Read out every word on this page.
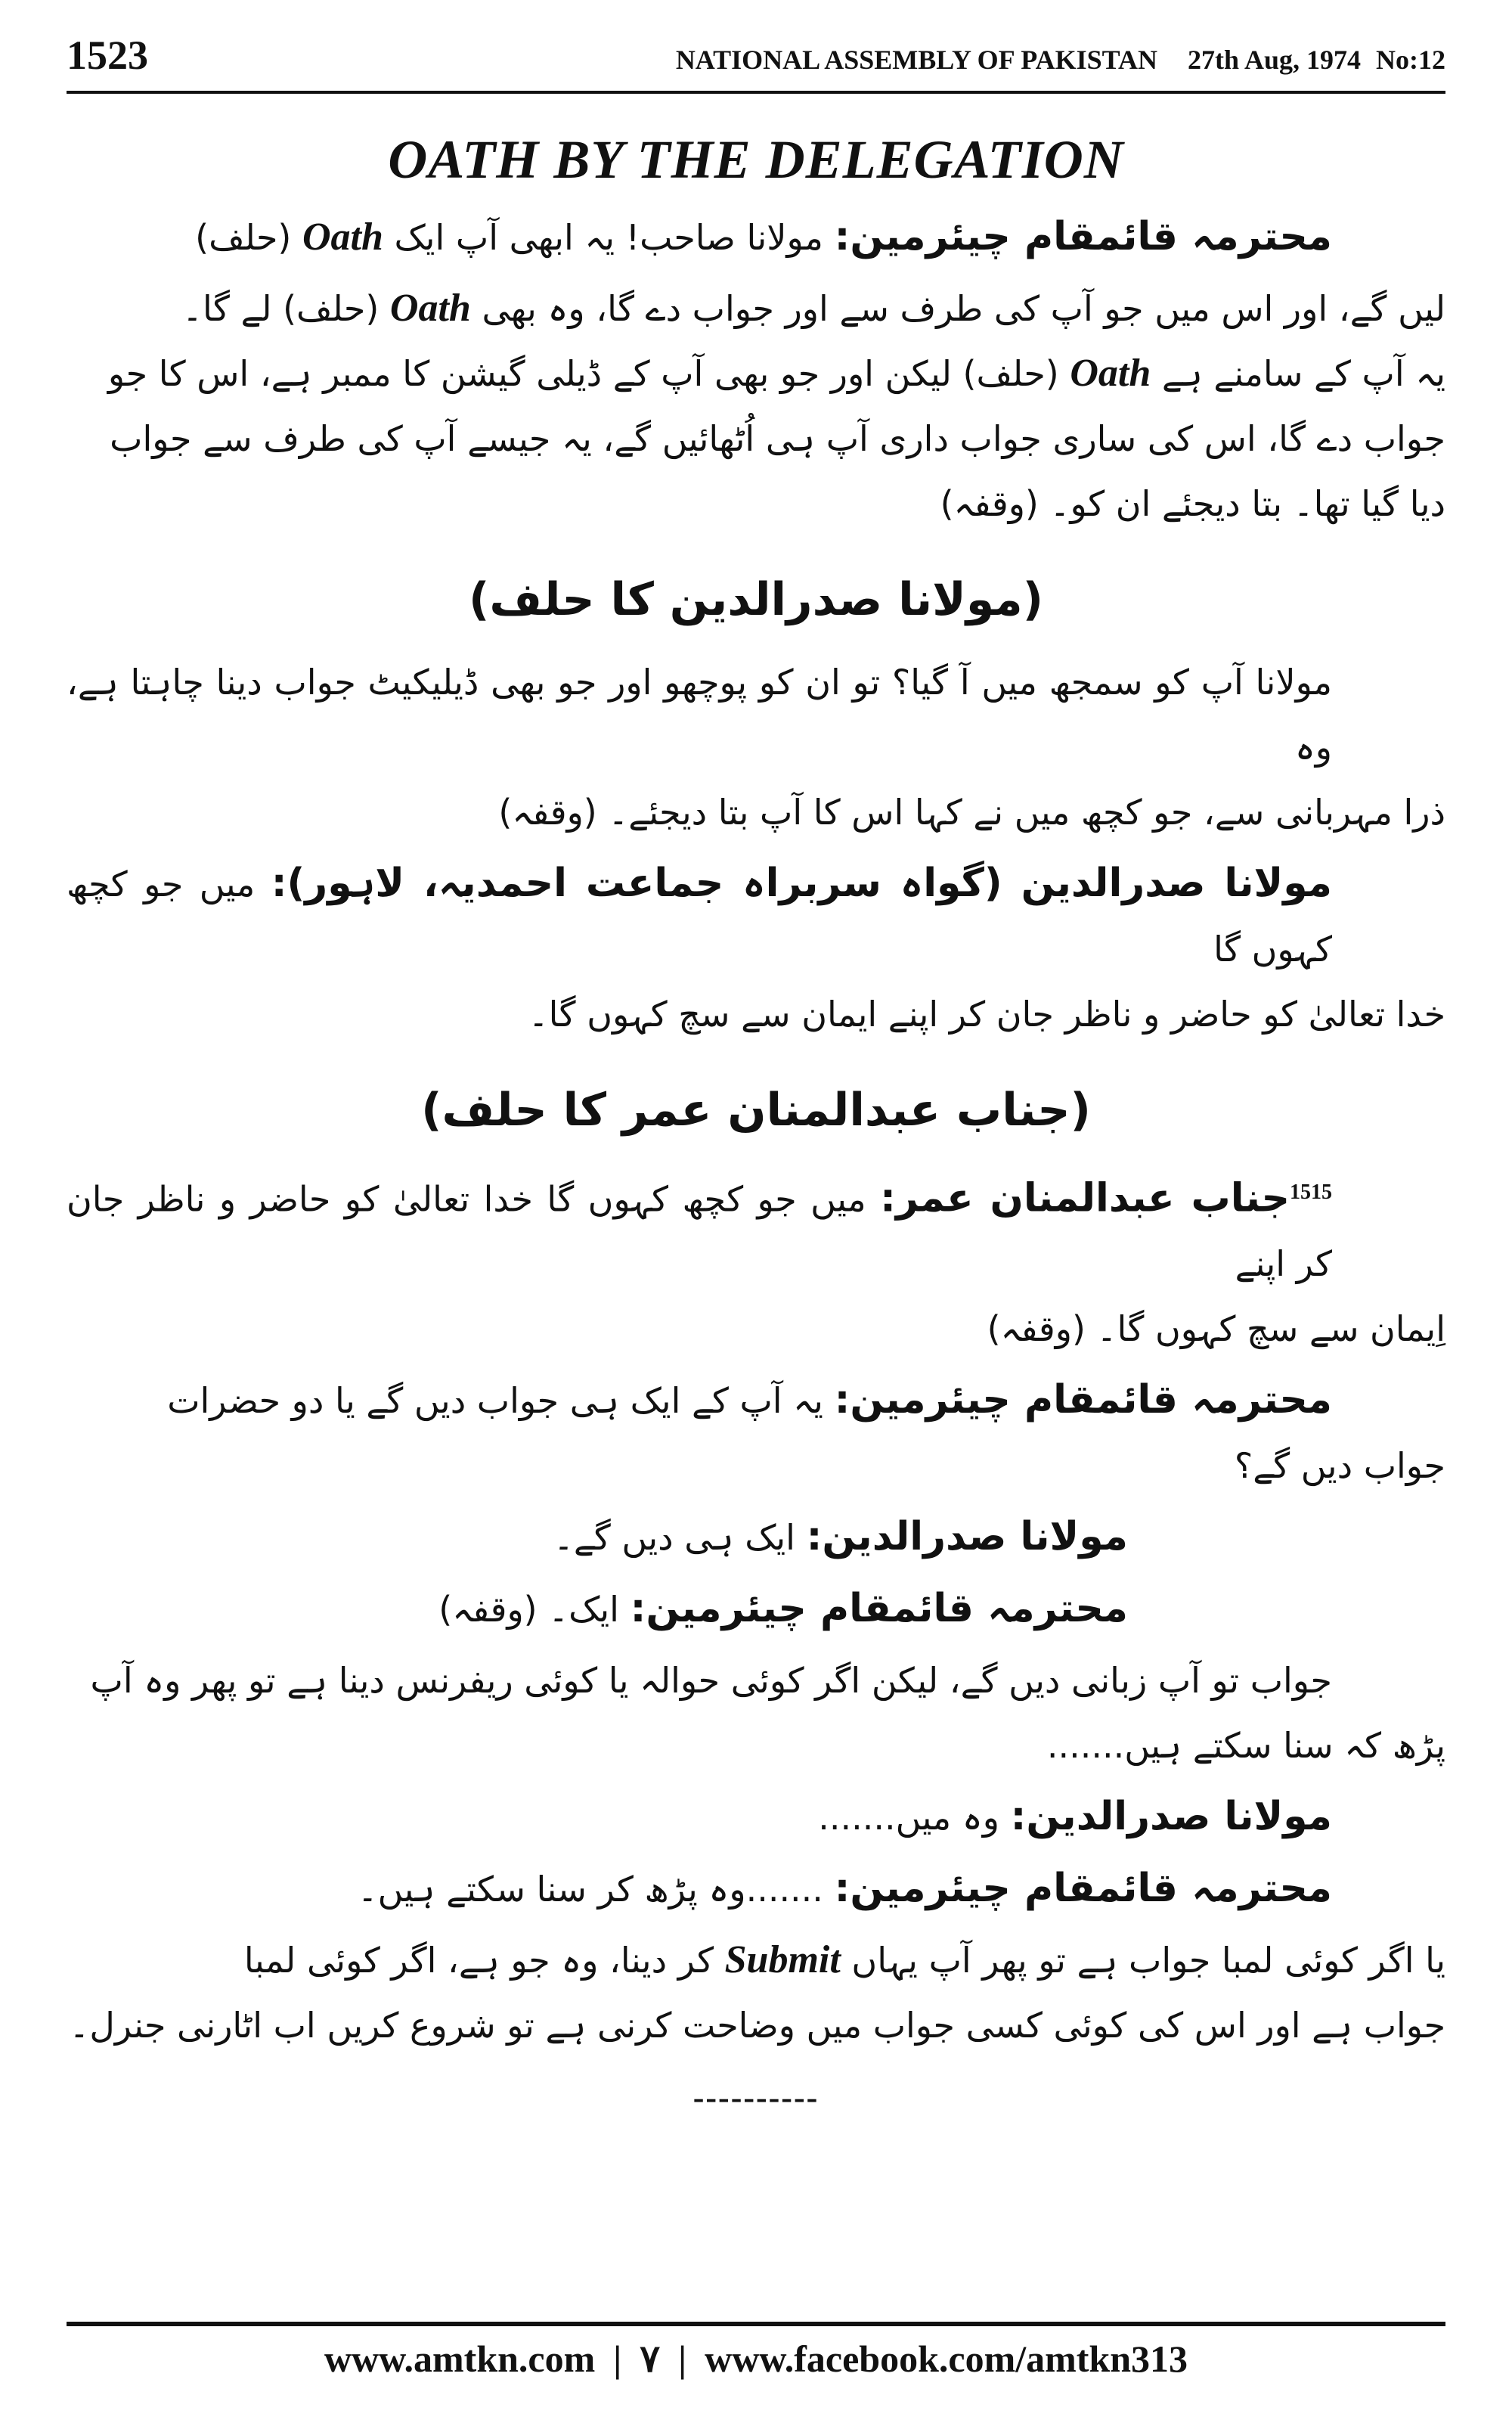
1523	NATIONAL ASSEMBLY OF PAKISTAN 27th Aug, 1974 No:12
OATH BY THE DELEGATION
محترمہ قائمقام چیئرمین: مولانا صاحب! یہ ابھی آپ ایک Oath (حلف)
لیں گے، اور اس میں جو آپ کی طرف سے اور جواب دے گا، وہ بھی Oath (حلف) لے گا۔
یہ آپ کے سامنے ہے Oath (حلف) لیکن اور جو بھی آپ کے ڈیلی گیشن کا ممبر ہے، اس کا جو
جواب دے گا، اس کی ساری جواب داری آپ ہی اُٹھائیں گے، یہ جیسے آپ کی طرف سے جواب
دیا گیا تھا۔ بتا دیجئے ان کو۔ (وقفہ)
(مولانا صدرالدین کا حلف)
مولانا آپ کو سمجھ میں آ گیا؟ تو ان کو پوچھو اور جو بھی ڈیلیکیٹ جواب دینا چاہتا ہے، وہ
ذرا مہربانی سے، جو کچھ میں نے کہا اس کا آپ بتا دیجئے۔ (وقفہ)
مولانا صدرالدین (گواہ سربراہ جماعت احمدیہ، لاہور): میں جو کچھ کہوں گا
خدا تعالیٰ کو حاضر و ناظر جان کر اپنے ایمان سے سچ کہوں گا۔
(جناب عبدالمنان عمر کا حلف)
$^{1515}$جناب عبدالمنان عمر: میں جو کچھ کہوں گا خدا تعالیٰ کو حاضر و ناظر جان کر اپنے
اِیمان سے سچ کہوں گا۔ (وقفہ)
محترمہ قائمقام چیئرمین: یہ آپ کے ایک ہی جواب دیں گے یا دو حضرات
جواب دیں گے؟
مولانا صدرالدین: ایک ہی دیں گے۔
محترمہ قائمقام چیئرمین: ایک۔ (وقفہ)
جواب تو آپ زبانی دیں گے، لیکن اگر کوئی حوالہ یا کوئی ریفرنس دینا ہے تو پھر وہ آپ
پڑھ کہ سنا سکتے ہیں.......
مولانا صدرالدین: وہ میں.......
محترمہ قائمقام چیئرمین: .......وہ پڑھ کر سنا سکتے ہیں۔
یا اگر کوئی لمبا جواب ہے تو پھر آپ یہاں Submit کر دینا، وہ جو ہے، اگر کوئی لمبا
جواب ہے اور اس کی کوئی کسی جواب میں وضاحت کرنی ہے تو شروع کریں اب اٹارنی جنرل۔
----------
www.amtkn.com | ۷ | www.facebook.com/amtkn313
